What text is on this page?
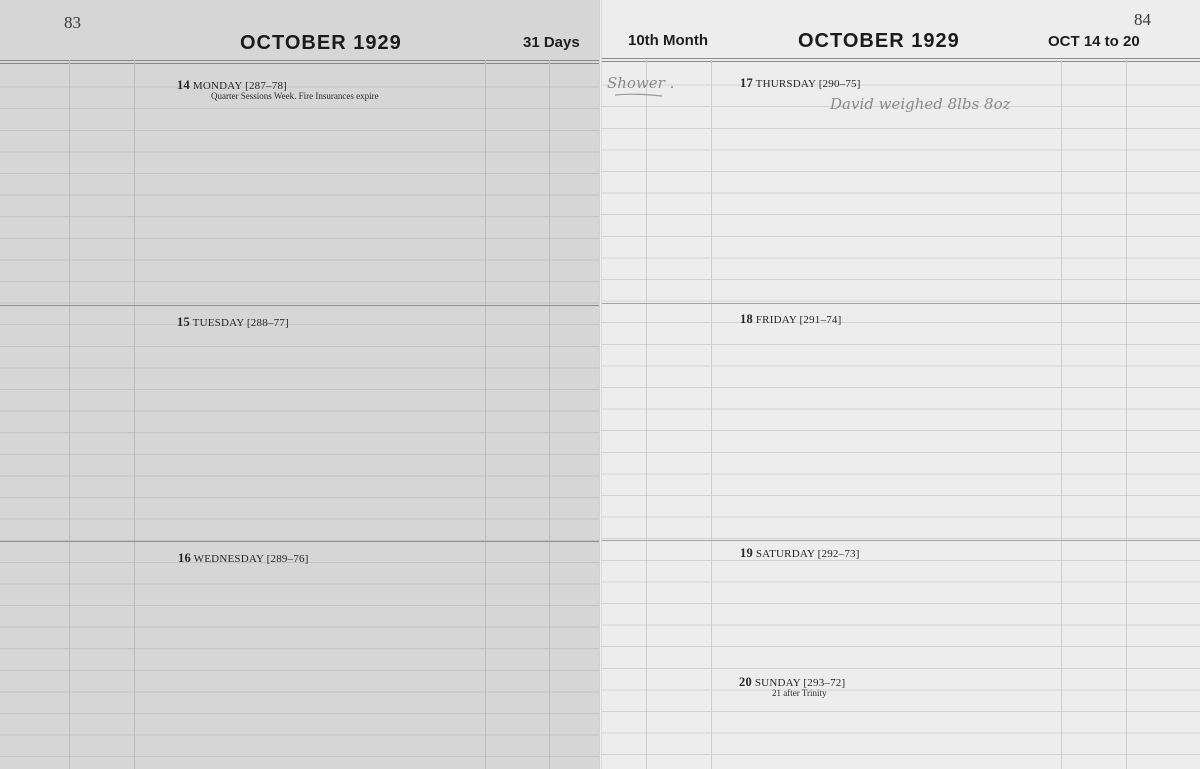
83
OCTOBER 1929	31 Days
14 MONDAY [287–78]
Quarter Sessions Week. Fire Insurances expire
15 TUESDAY [288–77]
16 WEDNESDAY [289–76]
84
10th Month	OCTOBER 1929	OCT 14 to 20
Shower .	17 THURSDAY [290–75]
David weighed 8lbs 8oz
18 FRIDAY [291–74]
19 SATURDAY [292–73]
20 SUNDAY [293–72]
21 after Trinity
